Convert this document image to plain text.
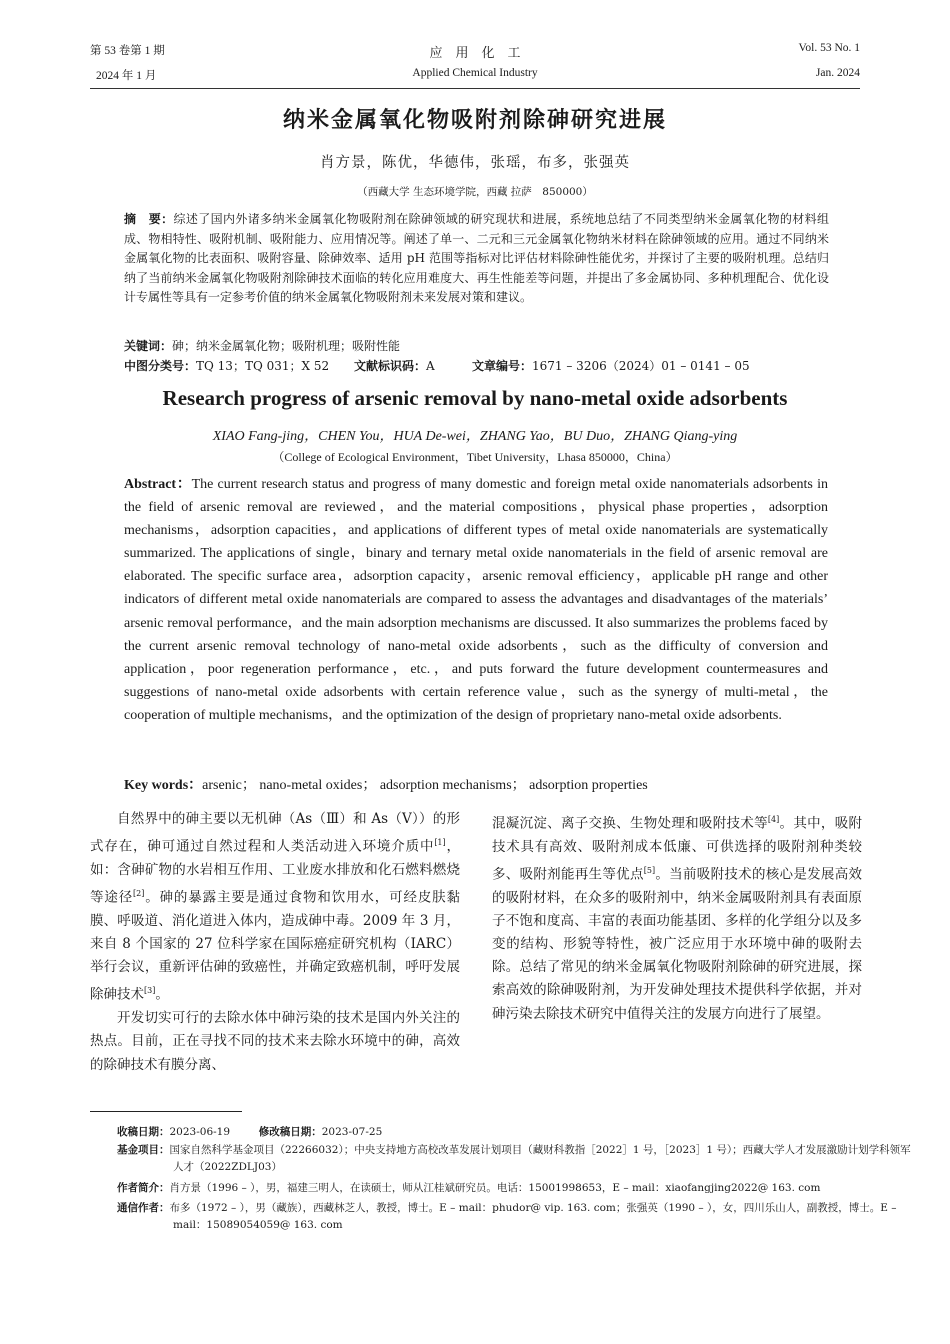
第 53 卷第 1 期
2024 年 1 月
应　用　化　工
Applied Chemical Industry
Vol. 53 No. 1
Jan. 2024
纳米金属氧化物吸附剂除砷研究进展
肖方景，陈优，华德伟，张瑶，布多，张强英
（西藏大学 生态环境学院，西藏 拉萨　850000）
摘　要：综述了国内外诸多纳米金属氧化物吸附剂在除砷领域的研究现状和进展，系统地总结了不同类型纳米金属氧化物的材料组成、物相特性、吸附机制、吸附能力、应用情况等。阐述了单一、二元和三元金属氧化物纳米材料在除砷领域的应用。通过不同纳米金属氧化物的比表面积、吸附容量、除砷效率、适用 pH 范围等指标对比评估材料除砷性能优劣，并探讨了主要的吸附机理。总结归纳了当前纳米金属氧化物吸附剂除砷技术面临的转化应用难度大、再生性能差等问题，并提出了多金属协同、多种机理配合、优化设计专属性等具有一定参考价值的纳米金属氧化物吸附剂未来发展对策和建议。
关键词：砷；纳米金属氧化物；吸附机理；吸附性能
中图分类号：TQ 13；TQ 031；X 52 文献标识码：A	文章编号：1671 – 3206（2024）01 – 0141 – 05
Research progress of arsenic removal by nano-metal oxide adsorbents
XIAO Fang-jing，CHEN You，HUA De-wei，ZHANG Yao，BU Duo，ZHANG Qiang-ying
（College of Ecological Environment，Tibet University，Lhasa 850000，China）
Abstract：The current research status and progress of many domestic and foreign metal oxide nanomaterials adsorbents in the field of arsenic removal are reviewed，and the material compositions，physical phase properties，adsorption mechanisms，adsorption capacities，and applications of different types of metal oxide nanomaterials are systematically summarized. The applications of single，binary and ternary metal oxide nanomaterials in the field of arsenic removal are elaborated. The specific surface area，adsorption capacity，arsenic removal efficiency，applicable pH range and other indicators of different metal oxide nanomaterials are compared to assess the advantages and disadvantages of the materials’ arsenic removal performance，and the main adsorption mechanisms are discussed. It also summarizes the problems faced by the current arsenic removal technology of nano-metal oxide adsorbents，such as the difficulty of conversion and application，poor regeneration performance，etc.，and puts forward the future development countermeasures and suggestions of nano-metal oxide adsorbents with certain reference value，such as the synergy of multi-metal，the cooperation of multiple mechanisms，and the optimization of the design of proprietary nano-metal oxide adsorbents.
Key words：arsenic； nano-metal oxides； adsorption mechanisms； adsorption properties

自然界中的砷主要以无机砷（As（Ⅲ）和 As（Ⅴ））的形式存在，砷可通过自然过程和人类活动进入环境介质中[1]，如：含砷矿物的水岩相互作用、工业废水排放和化石燃料燃烧等途径[2]。砷的暴露主要是通过食物和饮用水，可经皮肤黏膜、呼吸道、消化道进入体内，造成砷中毒。2009 年 3 月，来自 8 个国家的 27 位科学家在国际癌症研究机构（IARC）举行会议，重新评估砷的致癌性，并确定致癌机制，呼吁发展除砷技术[3]。

开发切实可行的去除水体中砷污染的技术是国内外关注的热点。目前，正在寻找不同的技术来去除水环境中的砷，高效的除砷技术有膜分离、

混凝沉淀、离子交换、生物处理和吸附技术等[4]。其中，吸附技术具有高效、吸附剂成本低廉、可供选择的吸附剂种类较多、吸附剂能再生等优点[5]。当前吸附技术的核心是发展高效的吸附材料，在众多的吸附剂中，纳米金属吸附剂具有表面原子不饱和度高、丰富的表面功能基团、多样的化学组分以及多变的结构、形貌等特性，被广泛应用于水环境中砷的吸附去除。总结了常见的纳米金属氧化物吸附剂除砷的研究进展，探索高效的除砷吸附剂，为开发砷处理技术提供科学依据，并对砷污染去除技术研究中值得关注的发展方向进行了展望。

收稿日期：2023-06-19	修改稿日期：2023-07-25
基金项目：国家自然科学基金项目（22266032）；中央支持地方高校改革发展计划项目（藏财科教指［2022］1 号，［2023］1 号）；西藏大学人才发展激励计划学科领军人才（2022ZDLJ03）
作者简介：肖方景（1996 – ），男，福建三明人，在读硕士，师从江桂斌研究员。电话：15001998653，E – mail：xiaofangjing2022@ 163. com
通信作者：布多（1972 – ），男（藏族），西藏林芝人，教授，博士。E – mail：phudor@ vip. 163. com；张强英（1990 – ），女，四川乐山人，副教授，博士。E – mail：15089054059@ 163. com
